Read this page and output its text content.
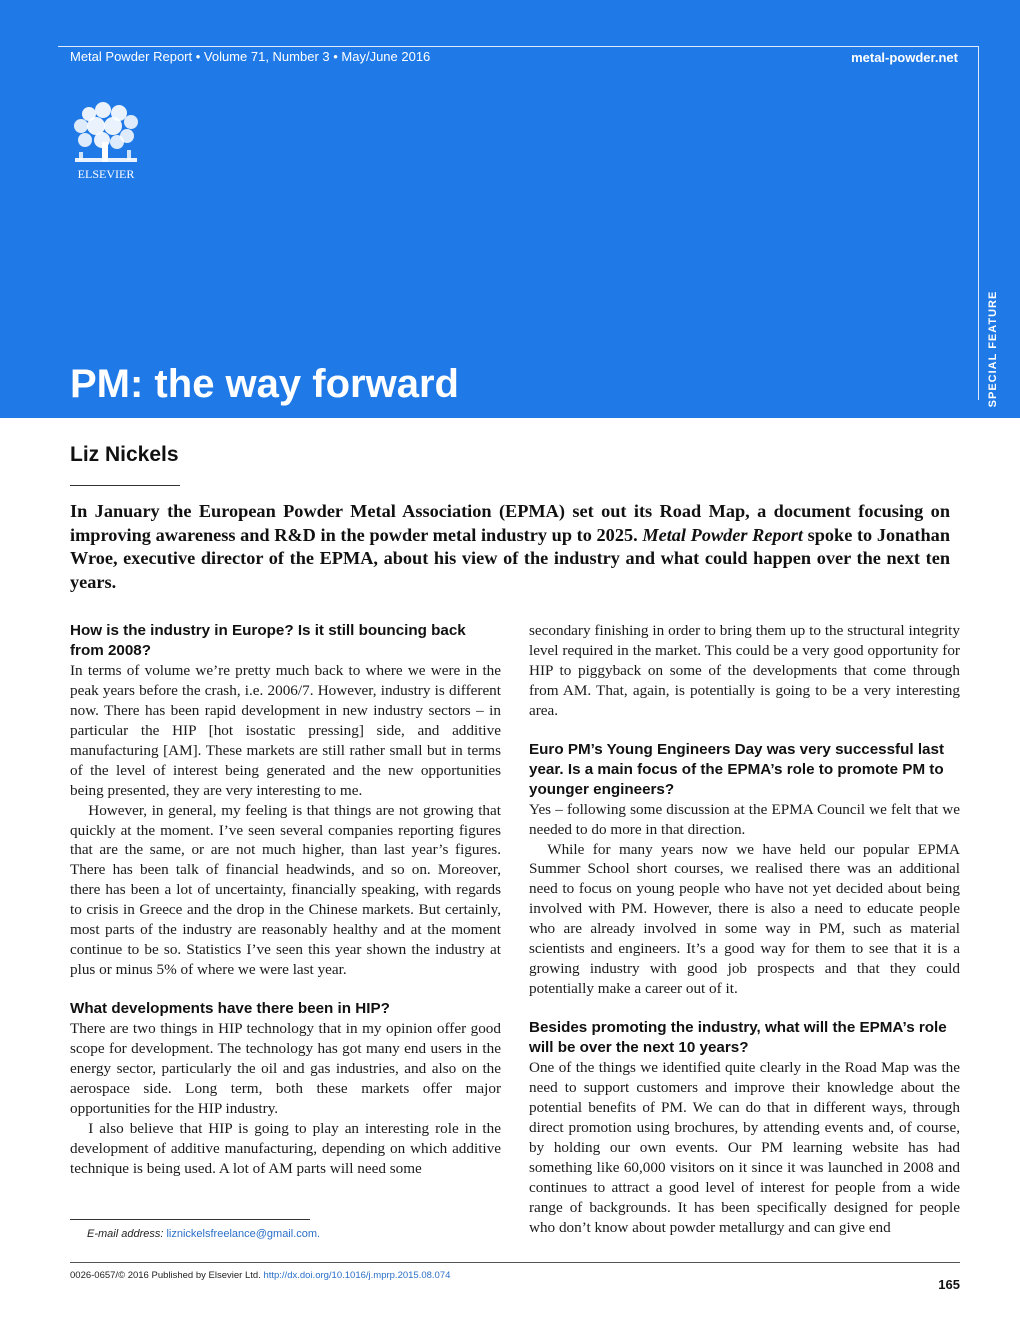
Metal Powder Report • Volume 71, Number 3 • May/June 2016	metal-powder.net
ELSEVIER
SPECIAL FEATURE
PM: the way forward
Liz Nickels

In January the European Powder Metal Association (EPMA) set out its Road Map, a document focusing on improving awareness and R&D in the powder metal industry up to 2025. Metal Powder Report spoke to Jonathan Wroe, executive director of the EPMA, about his view of the industry and what could happen over the next ten years.

How is the industry in Europe? Is it still bouncing back from 2008?

In terms of volume we’re pretty much back to where we were in the peak years before the crash, i.e. 2006/7. However, industry is different now. There has been rapid development in new industry sectors – in particular the HIP [hot isostatic pressing] side, and additive manufacturing [AM]. These markets are still rather small but in terms of the level of interest being generated and the new opportunities being presented, they are very interesting to me.

However, in general, my feeling is that things are not growing that quickly at the moment. I’ve seen several companies reporting figures that are the same, or are not much higher, than last year’s figures. There has been talk of financial headwinds, and so on. Moreover, there has been a lot of uncertainty, financially speaking, with regards to crisis in Greece and the drop in the Chinese markets. But certainly, most parts of the industry are reasonably healthy and at the moment continue to be so. Statistics I’ve seen this year shown the industry at plus or minus 5% of where we were last year.

What developments have there been in HIP?

There are two things in HIP technology that in my opinion offer good scope for development. The technology has got many end users in the energy sector, particularly the oil and gas industries, and also on the aerospace side. Long term, both these markets offer major opportunities for the HIP industry.

I also believe that HIP is going to play an interesting role in the development of additive manufacturing, depending on which additive technique is being used. A lot of AM parts will need some

secondary finishing in order to bring them up to the structural integrity level required in the market. This could be a very good opportunity for HIP to piggyback on some of the developments that come through from AM. That, again, is potentially is going to be a very interesting area.

Euro PM’s Young Engineers Day was very successful last year. Is a main focus of the EPMA’s role to promote PM to younger engineers?

Yes – following some discussion at the EPMA Council we felt that we needed to do more in that direction.

While for many years now we have held our popular EPMA Summer School short courses, we realised there was an additional need to focus on young people who have not yet decided about being involved with PM. However, there is also a need to educate people who are already involved in some way in PM, such as material scientists and engineers. It’s a good way for them to see that it is a growing industry with good job prospects and that they could potentially make a career out of it.

Besides promoting the industry, what will the EPMA’s role will be over the next 10 years?

One of the things we identified quite clearly in the Road Map was the need to support customers and improve their knowledge about the potential benefits of PM. We can do that in different ways, through direct promotion using brochures, by attending events and, of course, by holding our own events. Our PM learning website has had something like 60,000 visitors on it since it was launched in 2008 and continues to attract a good level of interest for people from a wide range of backgrounds. It has been specifically designed for people who don’t know about powder metallurgy and can give end

E-mail address: liznickelsfreelance@gmail.com.
0026-0657/© 2016 Published by Elsevier Ltd. http://dx.doi.org/10.1016/j.mprp.2015.08.074
165
